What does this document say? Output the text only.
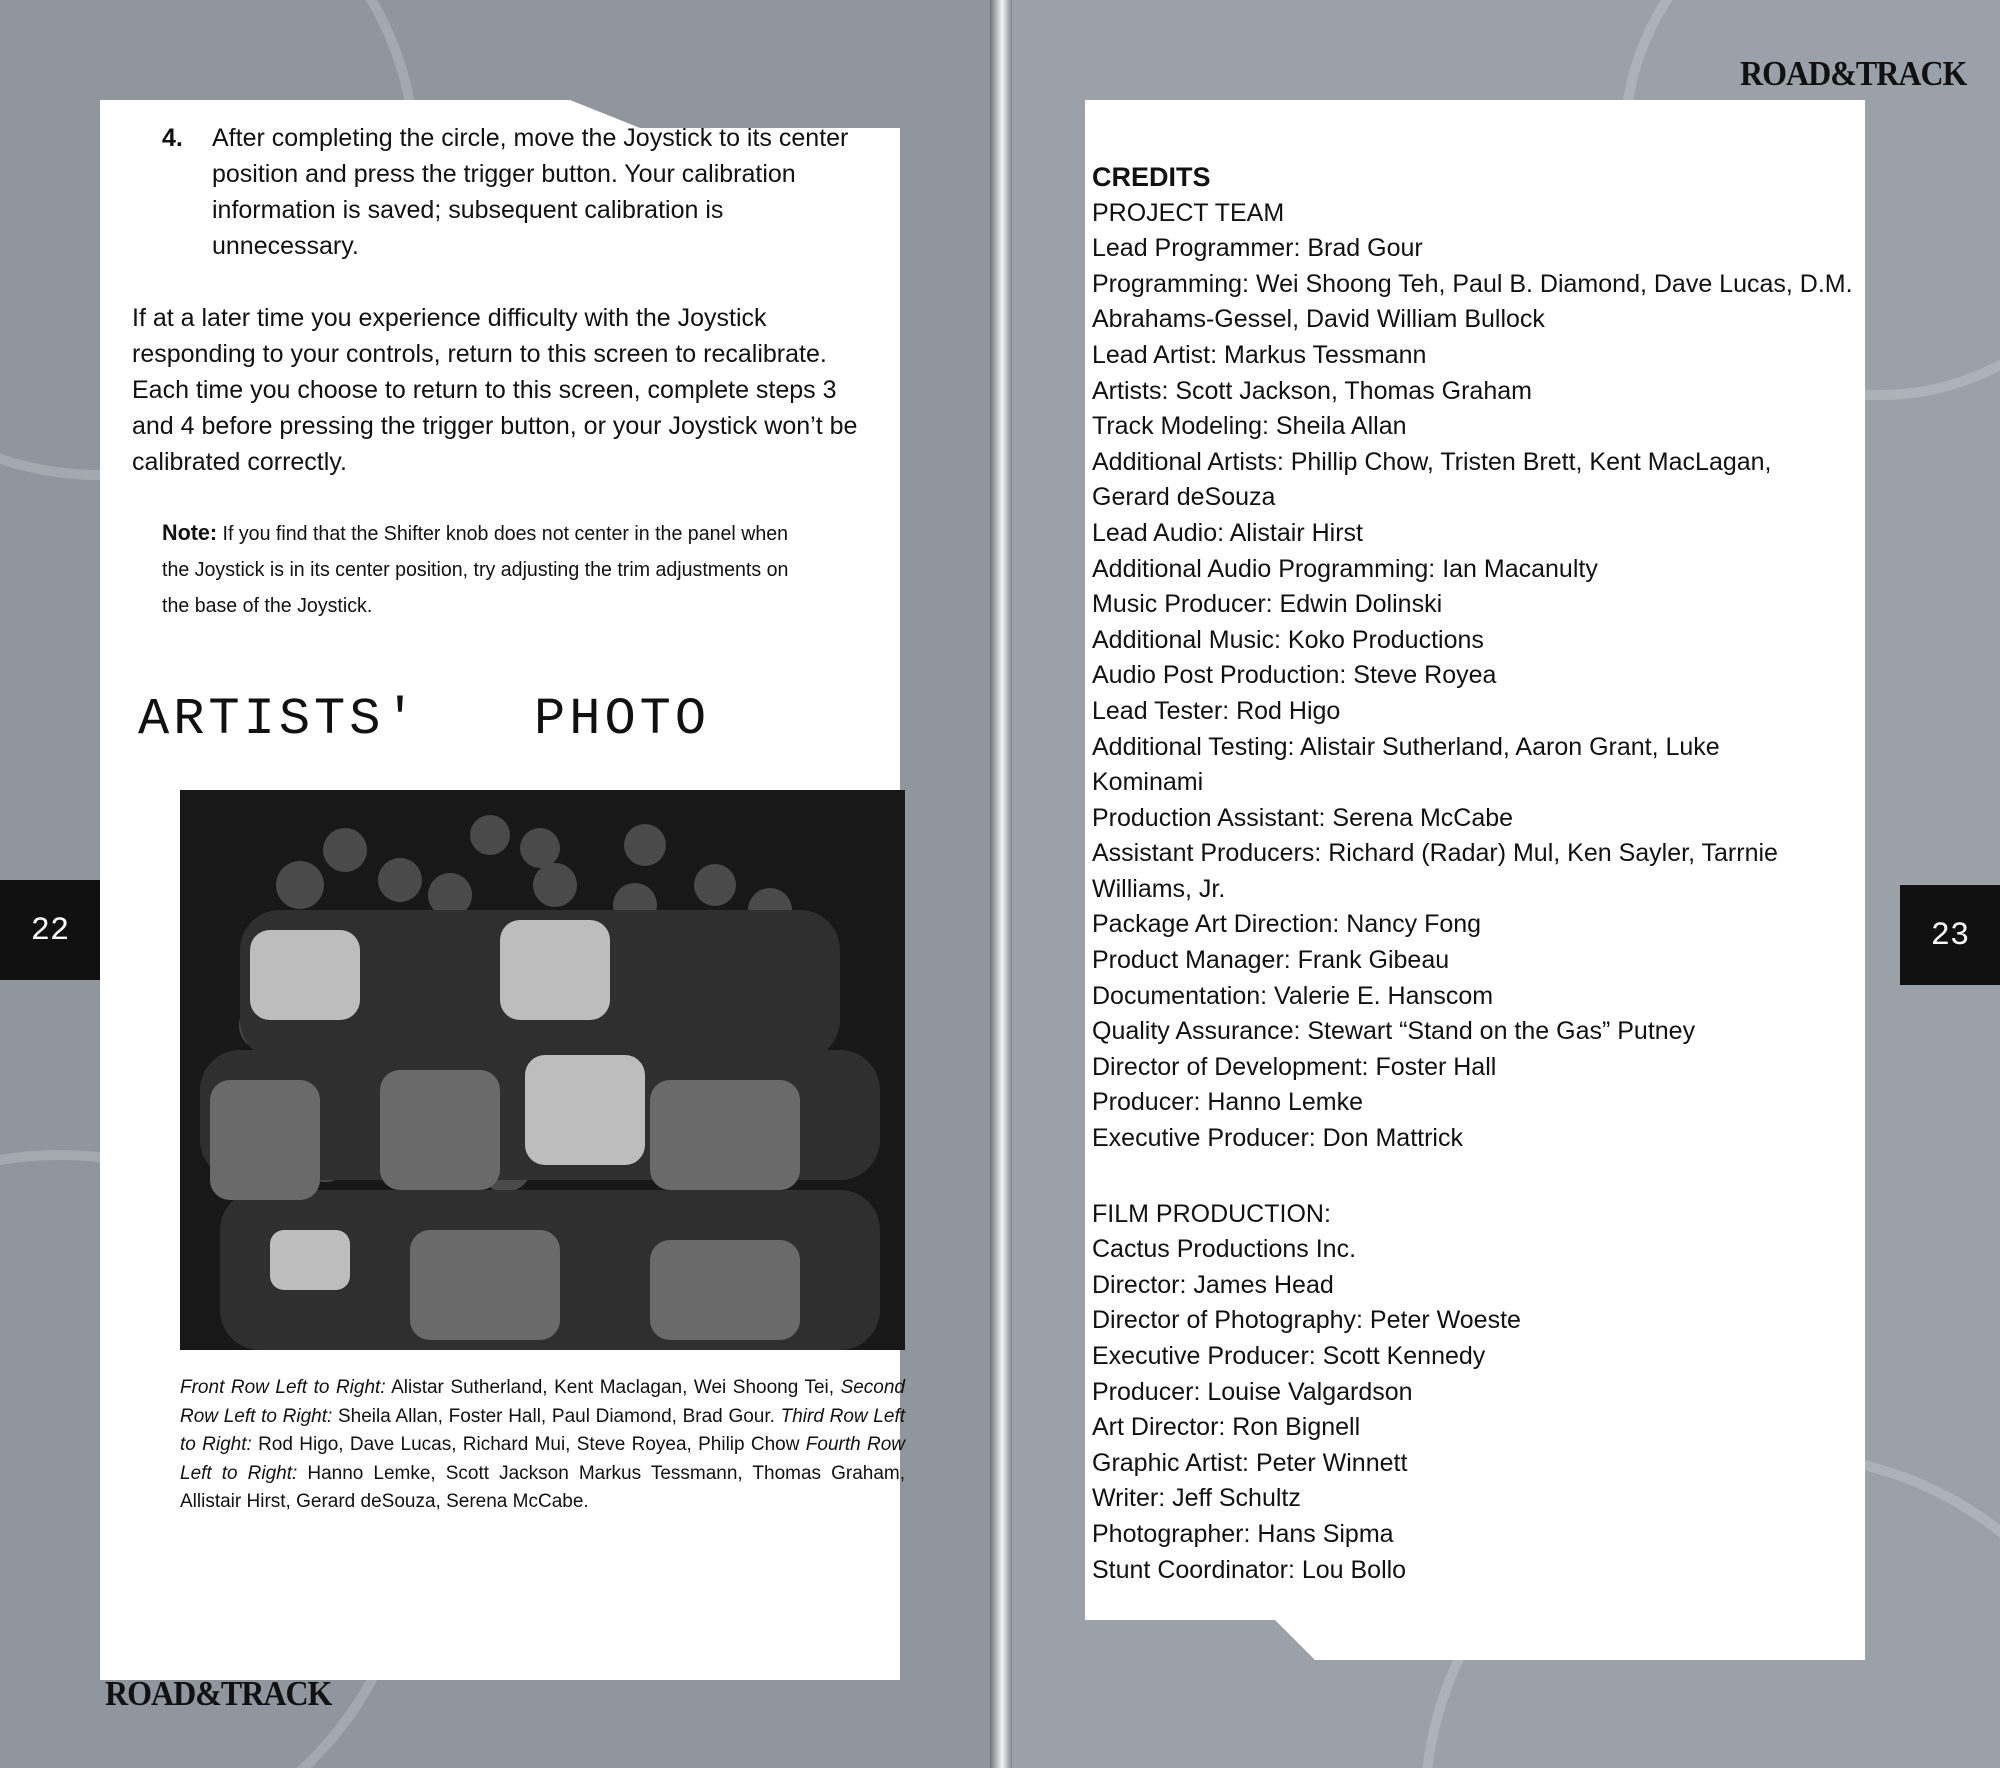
22
4. After completing the circle, move the Joystick to its center position and press the trigger button. Your calibration information is saved; subsequent calibration is unnecessary.
If at a later time you experience difficulty with the Joystick responding to your controls, return to this screen to recalibrate. Each time you choose to return to this screen, complete steps 3 and 4 before pressing the trigger button, or your Joystick won’t be calibrated correctly.
Note: If you find that the Shifter knob does not center in the panel when the Joystick is in its center position, try adjusting the trim adjustments on the base of the Joystick.
ARTISTS'  PHOTO
Front Row Left to Right: Alistar Sutherland, Kent Maclagan, Wei Shoong Tei, Second Row Left to Right: Sheila Allan, Foster Hall, Paul Diamond, Brad Gour. Third Row Left to Right: Rod Higo, Dave Lucas, Richard Mui, Steve Royea, Philip Chow Fourth Row Left to Right: Hanno Lemke, Scott Jackson Markus Tessmann, Thomas Graham, Allistair Hirst, Gerard deSouza, Serena McCabe.
ROAD&TRACK
23
ROAD&TRACK
CREDITS
PROJECT TEAM
Lead Programmer: Brad Gour
Programming: Wei Shoong Teh, Paul B. Diamond, Dave Lucas, D.M.
Abrahams-Gessel, David William Bullock
Lead Artist: Markus Tessmann
Artists: Scott Jackson, Thomas Graham
Track Modeling: Sheila Allan
Additional Artists: Phillip Chow, Tristen Brett, Kent MacLagan,
Gerard deSouza
Lead Audio: Alistair Hirst
Additional Audio Programming: Ian Macanulty
Music Producer: Edwin Dolinski
Additional Music: Koko Productions
Audio Post Production: Steve Royea
Lead Tester: Rod Higo
Additional Testing: Alistair Sutherland, Aaron Grant, Luke
Kominami
Production Assistant: Serena McCabe
Assistant Producers: Richard (Radar) Mul, Ken Sayler, Tarrnie
Williams, Jr.
Package Art Direction: Nancy Fong
Product Manager: Frank Gibeau
Documentation: Valerie E. Hanscom
Quality Assurance: Stewart “Stand on the Gas” Putney
Director of Development: Foster Hall
Producer: Hanno Lemke
Executive Producer: Don Mattrick
FILM PRODUCTION:
Cactus Productions Inc.
Director: James Head
Director of Photography: Peter Woeste
Executive Producer: Scott Kennedy
Producer: Louise Valgardson
Art Director: Ron Bignell
Graphic Artist: Peter Winnett
Writer: Jeff Schultz
Photographer: Hans Sipma
Stunt Coordinator: Lou Bollo
